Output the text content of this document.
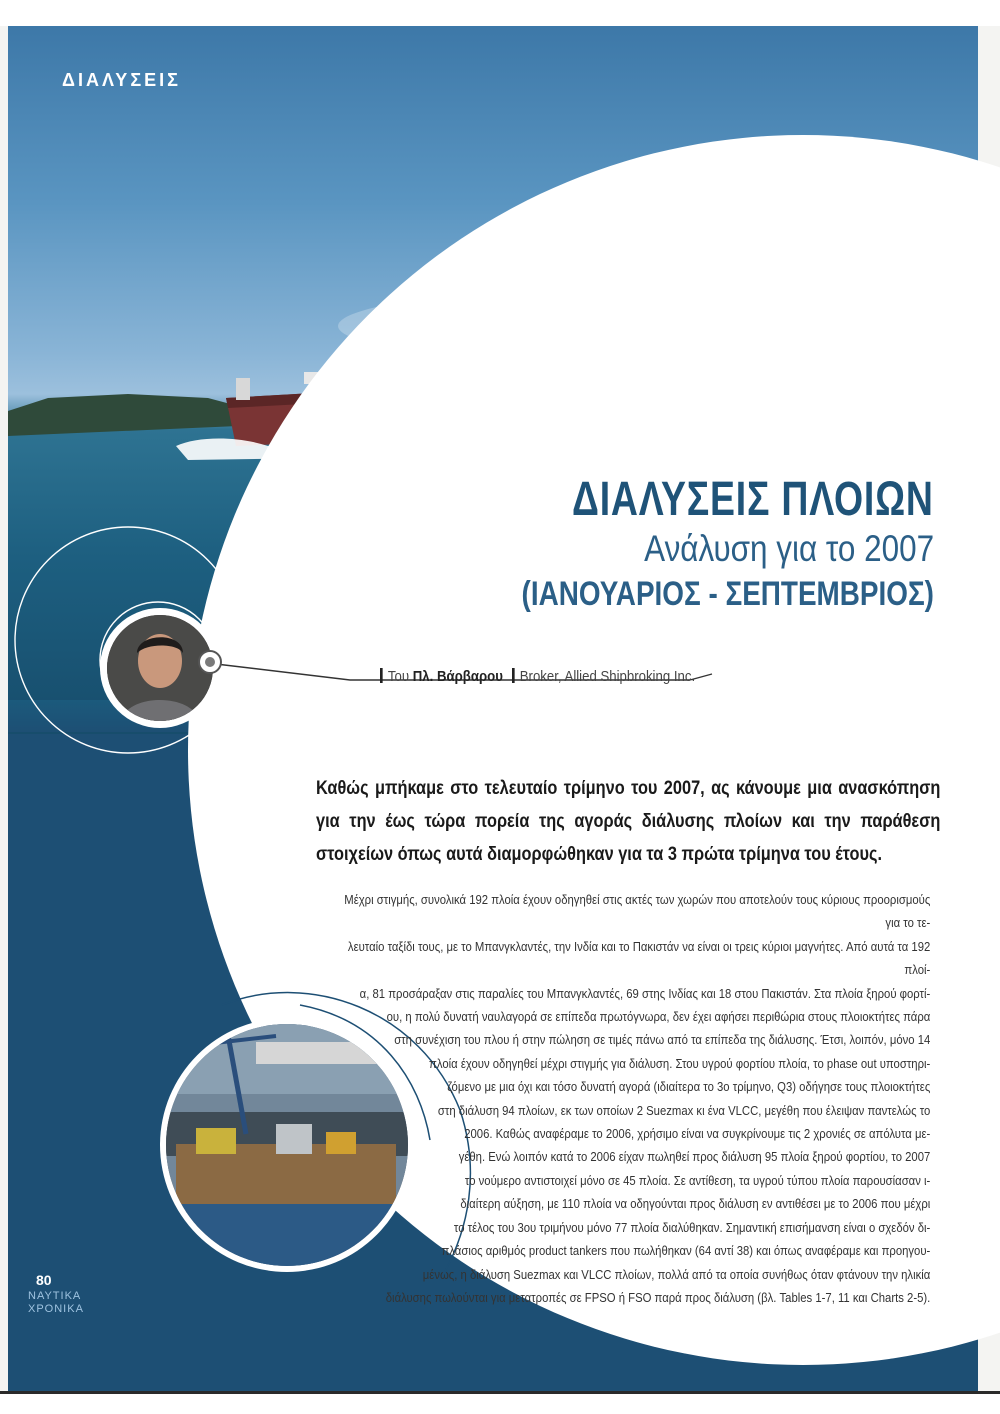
ΔΙΑΛΥΣΕΙΣ

ΔΙΑΛΥΣΕΙΣ ΠΛΟΙΩΝ
Ανάλυση για το 2007
(ΙΑΝΟΥΑΡΙΟΣ - ΣΕΠΤΕΜΒΡΙΟΣ)
Του Πλ. Βάρβαρου Broker, Allied Shipbroking Inc.

Καθώς μπήκαμε στο τελευταίο τρίμηνο του 2007, ας κάνουμε μια ανασκόπηση για την έως τώρα πορεία της αγοράς διάλυσης πλοίων και την παράθεση στοιχείων όπως αυτά διαμορφώθηκαν για τα 3 πρώτα τρίμηνα του έτους.

Μέχρι στιγμής, συνολικά 192 πλοία έχουν οδηγηθεί στις ακτές των χωρών που αποτελούν τους κύριους προορισμούς για το τε-
λευταίο ταξίδι τους, με το Μπανγκλαντές, την Ινδία και το Πακιστάν να είναι οι τρεις κύριοι μαγνήτες. Από αυτά τα 192 πλοί-
α, 81 προσάραξαν στις παραλίες του Μπανγκλαντές, 69 στης Ινδίας και 18 στου Πακιστάν. Στα πλοία ξηρού φορτί-
ου, η πολύ δυνατή ναυλαγορά σε επίπεδα πρωτόγνωρα, δεν έχει αφήσει περιθώρια στους πλοιοκτήτες πάρα
στη συνέχιση του πλου ή στην πώληση σε τιμές πάνω από τα επίπεδα της διάλυσης. Έτσι, λοιπόν, μόνο 14
πλοία έχουν οδηγηθεί μέχρι στιγμής για διάλυση. Στου υγρού φορτίου πλοία, το phase out υποστηρι-
ζόμενο με μια όχι και τόσο δυνατή αγορά (ιδιαίτερα το 3ο τρίμηνο, Q3) οδήγησε τους πλοιοκτήτες
στη διάλυση 94 πλοίων, εκ των οποίων 2 Suezmax κι ένα VLCC, μεγέθη που έλειψαν παντελώς το
2006. Καθώς αναφέραμε το 2006, χρήσιμο είναι να συγκρίνουμε τις 2 χρονιές σε απόλυτα με-
γέθη. Ενώ λοιπόν κατά το 2006 είχαν πωληθεί προς διάλυση 95 πλοία ξηρού φορτίου, το 2007
το νούμερο αντιστοιχεί μόνο σε 45 πλοία. Σε αντίθεση, τα υγρού τύπου πλοία παρουσίασαν ι-
διαίτερη αύξηση, με 110 πλοία να οδηγούνται προς διάλυση εν αντιθέσει με το 2006 που μέχρι
το τέλος του 3ου τριμήνου μόνο 77 πλοία διαλύθηκαν. Σημαντική επισήμανση είναι ο σχεδόν δι-
πλάσιος αριθμός product tankers που πωλήθηκαν (64 αντί 38) και όπως αναφέραμε και προηγου-
μένως, η διάλυση Suezmax και VLCC πλοίων, πολλά από τα οποία συνήθως όταν φτάνουν την ηλικία
διάλυσης πωλούνται για μετατροπές σε FPSO ή FSO παρά προς διάλυση (βλ. Tables 1-7, 11 και Charts 2-5).
80
ΝΑΥΤΙΚΑ
ΧΡΟΝΙΚΑ
